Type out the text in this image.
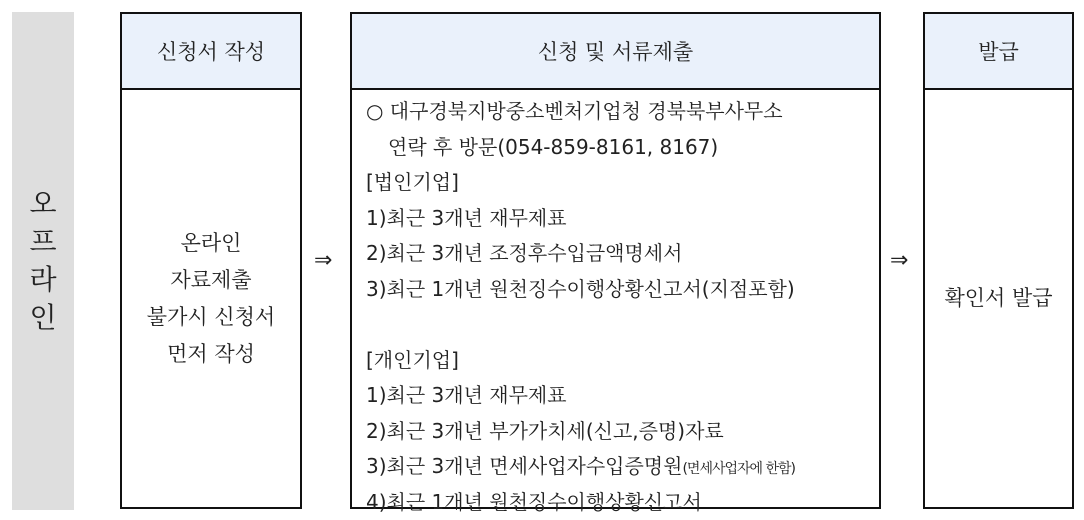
오
프
라
인
신청서 작성
온라인
자료제출
불가시 신청서
먼저 작성
⇒
신청 및 서류제출
○ 대구경북지방중소벤처기업청 경북북부사무소
연락 후 방문(054-859-8161, 8167)
[법인기업]
1)최근 3개년 재무제표
2)최근 3개년 조정후수입금액명세서
3)최근 1개년 원천징수이행상황신고서(지점포함)
[개인기업]
1)최근 3개년 재무제표
2)최근 3개년 부가가치세(신고,증명)자료
3)최근 3개년 면세사업자수입증명원(면세사업자에 한함)
4)최근 1개년 원천징수이행상황신고서
⇒
발급
확인서 발급
